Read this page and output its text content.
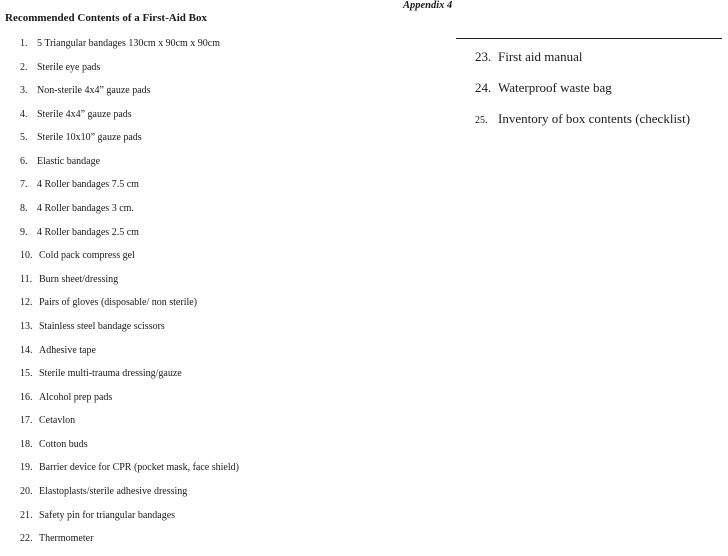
Appendix 4
Recommended Contents of a First-Aid Box
1. 5 Triangular bandages 130cm x 90cm x 90cm
2. Sterile eye pads
3. Non-sterile 4x4” gauze pads
4. Sterile 4x4” gauze pads
5. Sterile 10x10” gauze pads
6. Elastic bandage
7. 4 Roller bandages 7.5 cm
8. 4 Roller bandages 3 cm.
9. 4 Roller bandages 2.5 cm
10. Cold pack compress gel
11. Burn sheet/dressing
12. Pairs of gloves (disposable/ non sterile)
13. Stainless steel bandage scissors
14. Adhesive tape
15. Sterile multi-trauma dressing/gauze
16. Alcohol prep pads
17. Cetavlon
18. Cotton buds
19. Barrier device for CPR (pocket mask, face shield)
20. Elastoplasts/sterile adhesive dressing
21. Safety pin for triangular bandages
22. Thermometer
23. First aid manual
24. Waterproof waste bag
25. Inventory of box contents (checklist)
